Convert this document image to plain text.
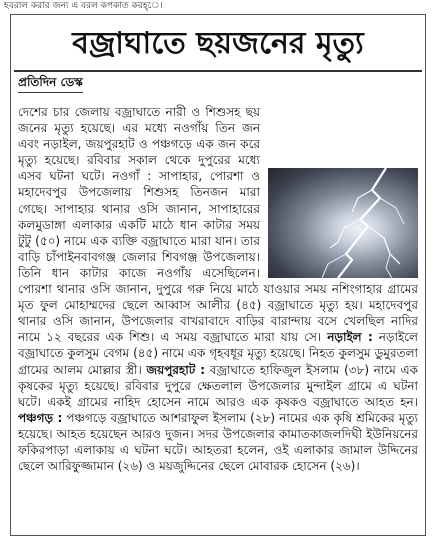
হবরাল করার জন্য এ বরল কপকাত করহ্ে।
বজ্রাঘাতে ছয়জনের মৃত্যু
প্রতিদিন ডেস্ক
দেশের চার জেলায় বজ্রাঘাতে নারী ও শিশুসহ ছয় জনের মৃত্যু হয়েছে। এর মধ্যে নওগাঁয় তিন জন এবং নড়াইল, জয়পুরহাট ও পঞ্চগড়ে এক জন করে মৃত্যু হয়েছে। রবিবার সকাল থেকে দুপুরের মধ্যে এসব ঘটনা ঘটে। নওগাঁ : সাপাহার, পোরশা ও মহাদেবপুর উপজেলায় শিশুসহ তিনজন মারা গেছে। সাপাহার থানার ওসি জানান, সাপাহারের কলমুডাঙ্গা এলাকার একটি মাঠে ধান কাটার সময় টুটু (৫০) নামে এক ব্যক্তি বজ্রাঘাতে মারা যান। তার বাড়ি চাঁপাইনবাবগঞ্জ জেলার শিবগঞ্জ উপজেলায়। তিনি ধান কাটার কাজে নওগাঁয় এসেছিলেন। পোরশা থানার ওসি জানান, দুপুরে গরু নিয়ে মাঠে যাওয়ার সময় নশিংগাহার গ্রামের মৃত ফুল মোহাম্মদের ছেলে আব্বাস আলীর (৪৫) বজ্রাঘাতে মৃত্যু হয়। মহাদেবপুর থানার ওসি জানান, উপজেলার বাখরাবাদে বাড়ির বারান্দায় বসে খেলছিল নাদির নামে ১২ বছরের এক শিশু। এ সময় বজ্রাঘাতে মারা যায় সে। নড়াইল : নড়াইলে বজ্রাঘাতে কুলসুম বেগম (৪৫) নামে এক গৃহবধূর মৃত্যু হয়েছে। নিহত কুলসুম ডুমুরতলা গ্রামের আলম মোল্লার স্ত্রী। জয়পুরহাট : বজ্রাঘাতে হাফিজুল ইসলাম (৩৮) নামে এক কৃষকের মৃত্যু হয়েছে। রবিবার দুপুরে ক্ষেতলাল উপজেলার মুন্দাইল গ্রামে এ ঘটনা ঘটে। একই গ্রামের নাহিদ হোসেন নামে আরও এক কৃষকও বজ্রাঘাতে আহত হন। পঞ্চগড় : পঞ্চগড়ে বজ্রাঘাতে আশরাফুল ইসলাম (২৮) নামের এক কৃষি শ্রমিকের মৃত্যু হয়েছে। আহত হয়েছেন আরও দুজন। সদর উপজেলার কামাতকাজলদিঘী ইউনিয়নের ফকিরপাড়া এলাকায় এ ঘটনা ঘটে। আহতরা হলেন, ওই এলাকার জামাল উদ্দিনের ছেলে আরিফুজ্জামান (২৬) ও ময়জুদ্দিনের ছেলে মোবারক হোসেন (২৬)।
